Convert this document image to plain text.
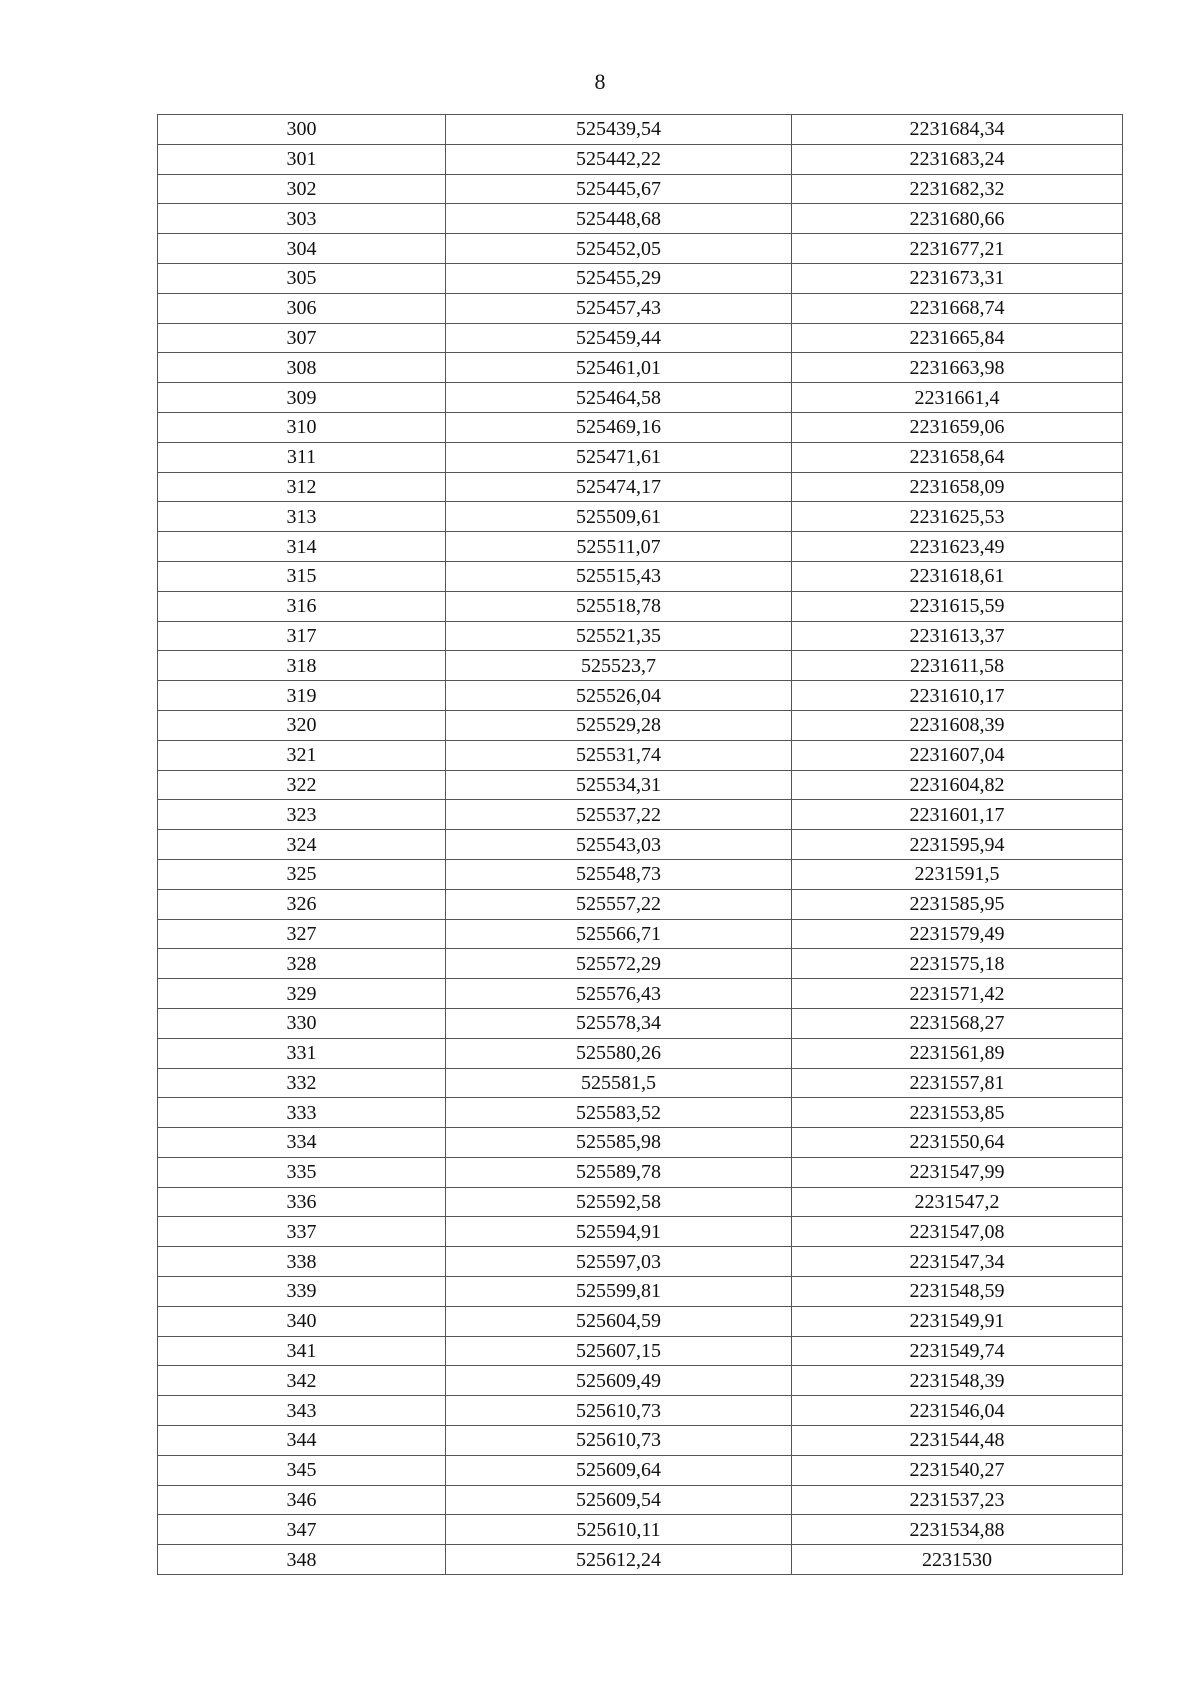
8
300	525439,54	2231684,34
301	525442,22	2231683,24
302	525445,67	2231682,32
303	525448,68	2231680,66
304	525452,05	2231677,21
305	525455,29	2231673,31
306	525457,43	2231668,74
307	525459,44	2231665,84
308	525461,01	2231663,98
309	525464,58	2231661,4
310	525469,16	2231659,06
311	525471,61	2231658,64
312	525474,17	2231658,09
313	525509,61	2231625,53
314	525511,07	2231623,49
315	525515,43	2231618,61
316	525518,78	2231615,59
317	525521,35	2231613,37
318	525523,7	2231611,58
319	525526,04	2231610,17
320	525529,28	2231608,39
321	525531,74	2231607,04
322	525534,31	2231604,82
323	525537,22	2231601,17
324	525543,03	2231595,94
325	525548,73	2231591,5
326	525557,22	2231585,95
327	525566,71	2231579,49
328	525572,29	2231575,18
329	525576,43	2231571,42
330	525578,34	2231568,27
331	525580,26	2231561,89
332	525581,5	2231557,81
333	525583,52	2231553,85
334	525585,98	2231550,64
335	525589,78	2231547,99
336	525592,58	2231547,2
337	525594,91	2231547,08
338	525597,03	2231547,34
339	525599,81	2231548,59
340	525604,59	2231549,91
341	525607,15	2231549,74
342	525609,49	2231548,39
343	525610,73	2231546,04
344	525610,73	2231544,48
345	525609,64	2231540,27
346	525609,54	2231537,23
347	525610,11	2231534,88
348	525612,24	2231530
